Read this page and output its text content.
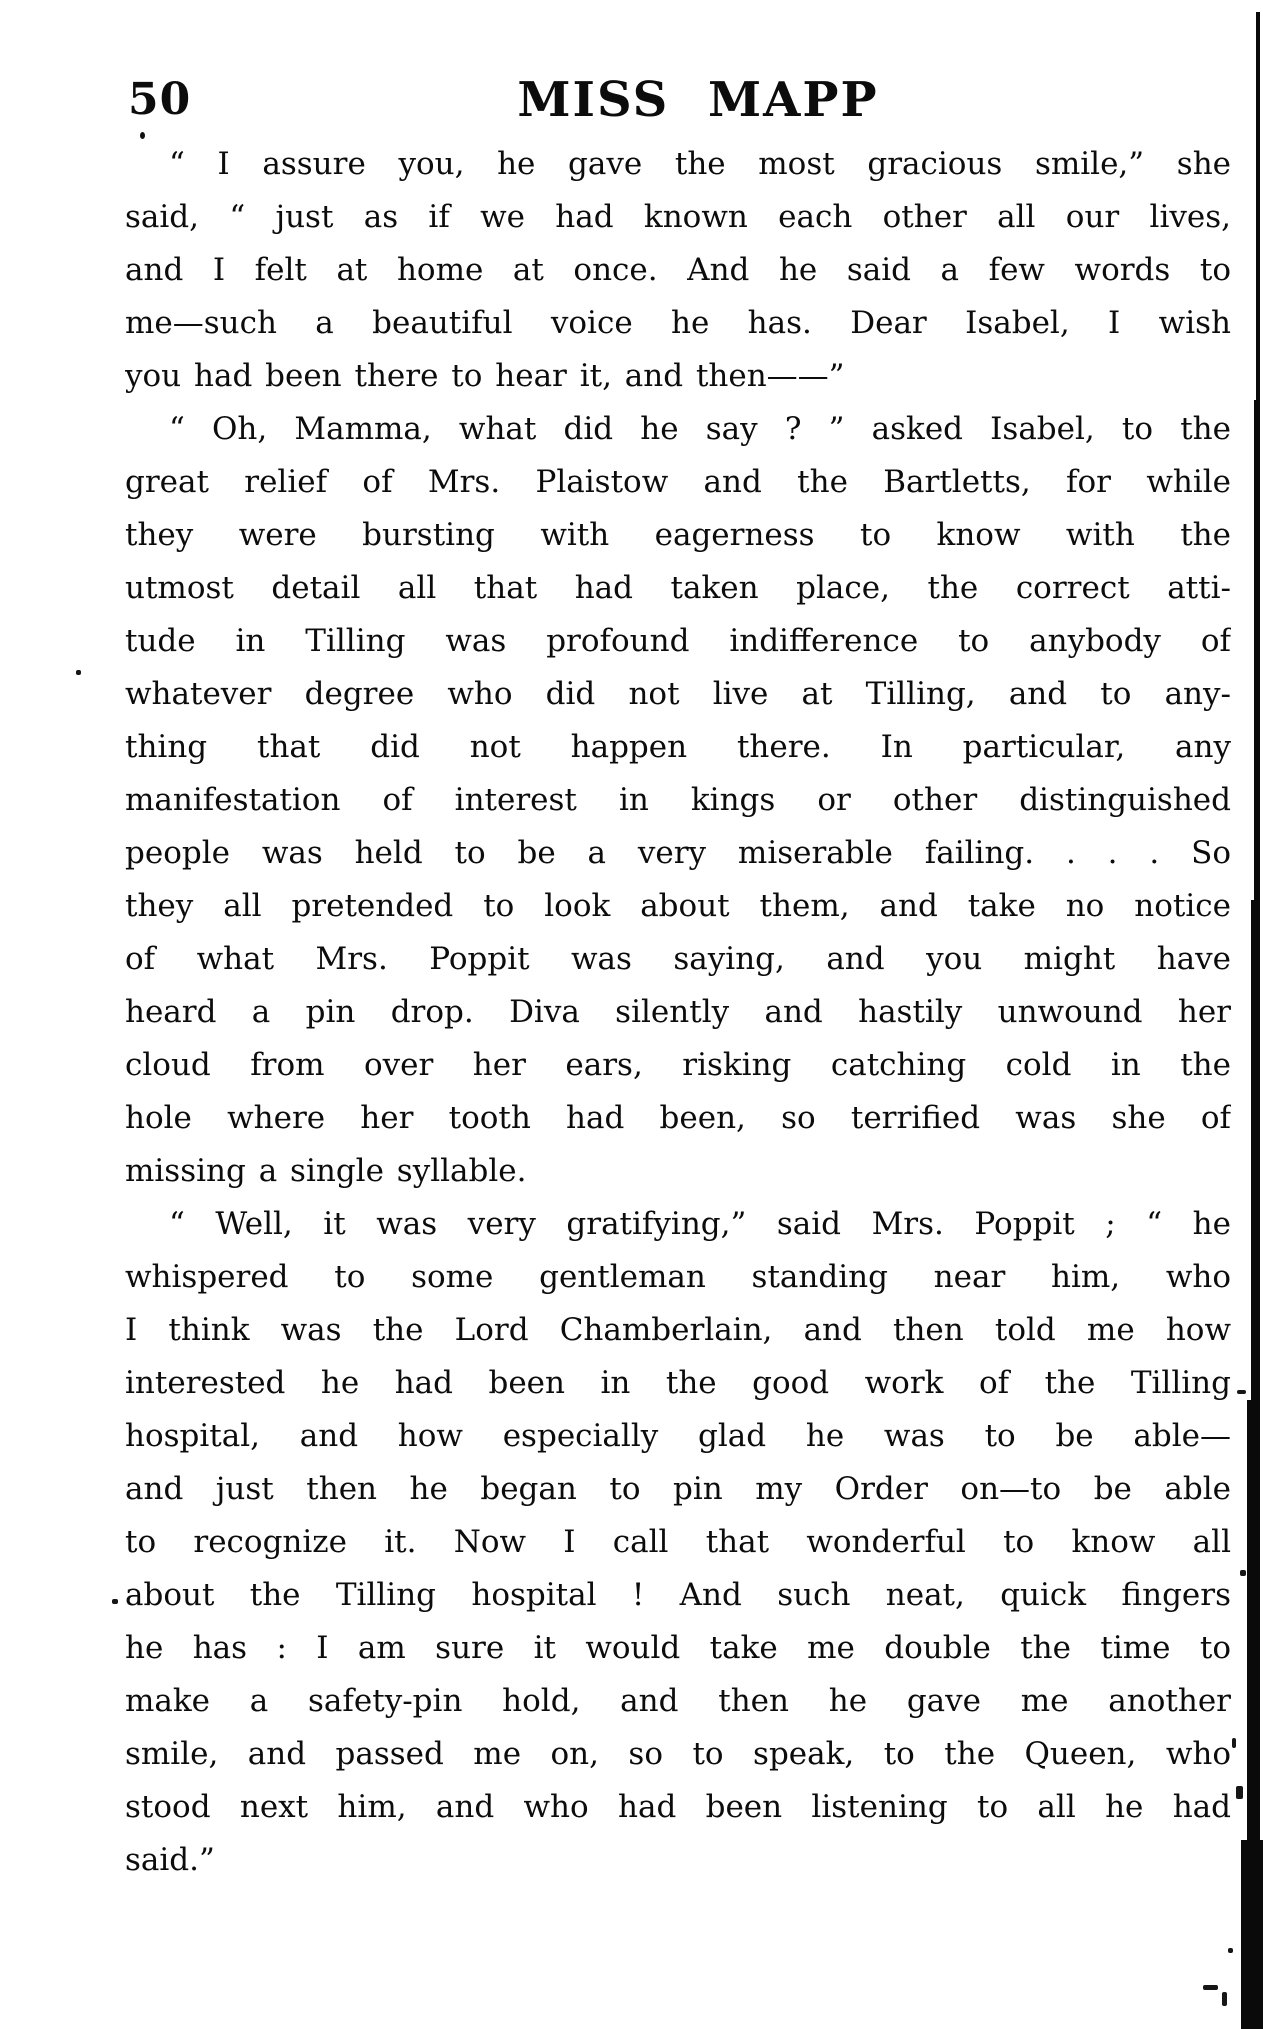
50	MISS MAPP
“ I assure you, he gave the most gracious smile,” she
said, “ just as if we had known each other all our lives,
and I felt at home at once. And he said a few words to
me—such a beautiful voice he has. Dear Isabel, I wish
you had been there to hear it, and then——”
“ Oh, Mamma, what did he say ? ” asked Isabel, to the
great relief of Mrs. Plaistow and the Bartletts, for while
they were bursting with eagerness to know with the
utmost detail all that had taken place, the correct atti-
tude in Tilling was profound indifference to anybody of
whatever degree who did not live at Tilling, and to any-
thing that did not happen there. In particular, any
manifestation of interest in kings or other distinguished
people was held to be a very miserable failing. . . . So
they all pretended to look about them, and take no notice
of what Mrs. Poppit was saying, and you might have
heard a pin drop. Diva silently and hastily unwound her
cloud from over her ears, risking catching cold in the
hole where her tooth had been, so terrified was she of
missing a single syllable.
“ Well, it was very gratifying,” said Mrs. Poppit ; “ he
whispered to some gentleman standing near him, who
I think was the Lord Chamberlain, and then told me how
interested he had been in the good work of the Tilling
hospital, and how especially glad he was to be able—
and just then he began to pin my Order on—to be able
to recognize it. Now I call that wonderful to know all
about the Tilling hospital ! And such neat, quick fingers
he has : I am sure it would take me double the time to
make a safety-pin hold, and then he gave me another
smile, and passed me on, so to speak, to the Queen, who
stood next him, and who had been listening to all he had
said.”
